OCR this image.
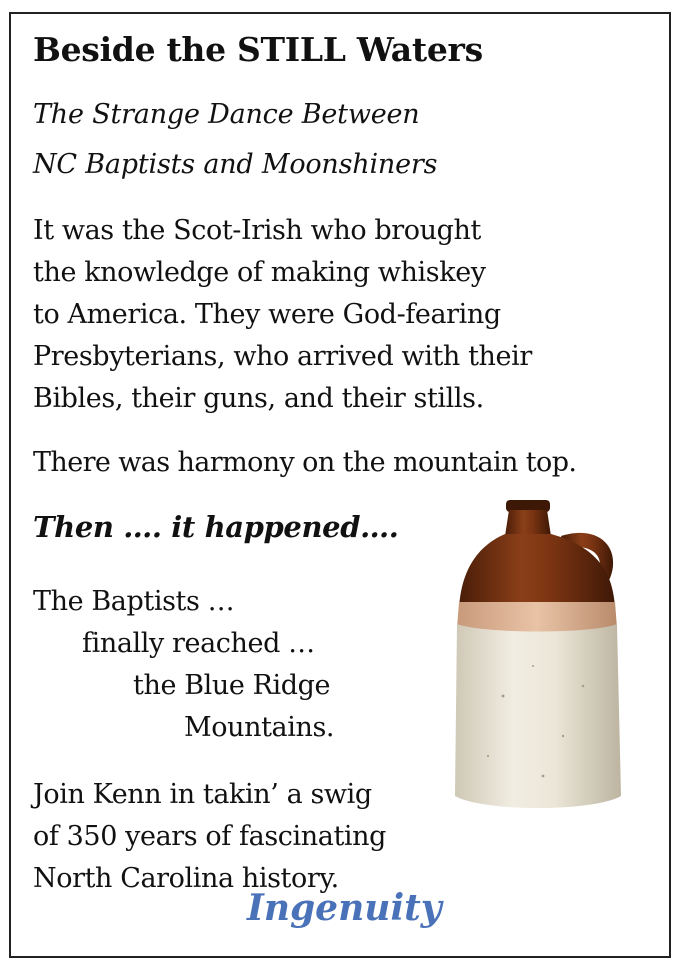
Beside the STILL Waters
The Strange Dance Between
NC Baptists and Moonshiners

It was the Scot-Irish who brought
the knowledge of making whiskey
to America. They were God-fearing
Presbyterians, who arrived with their
Bibles, their guns, and their stills.

There was harmony on the mountain top.

Then …. it happened….

The Baptists …
finally reached …
the Blue Ridge
Mountains.

Join Kenn in takin’ a swig
of 350 years of fascinating
North Carolina history.

Ingenuity
